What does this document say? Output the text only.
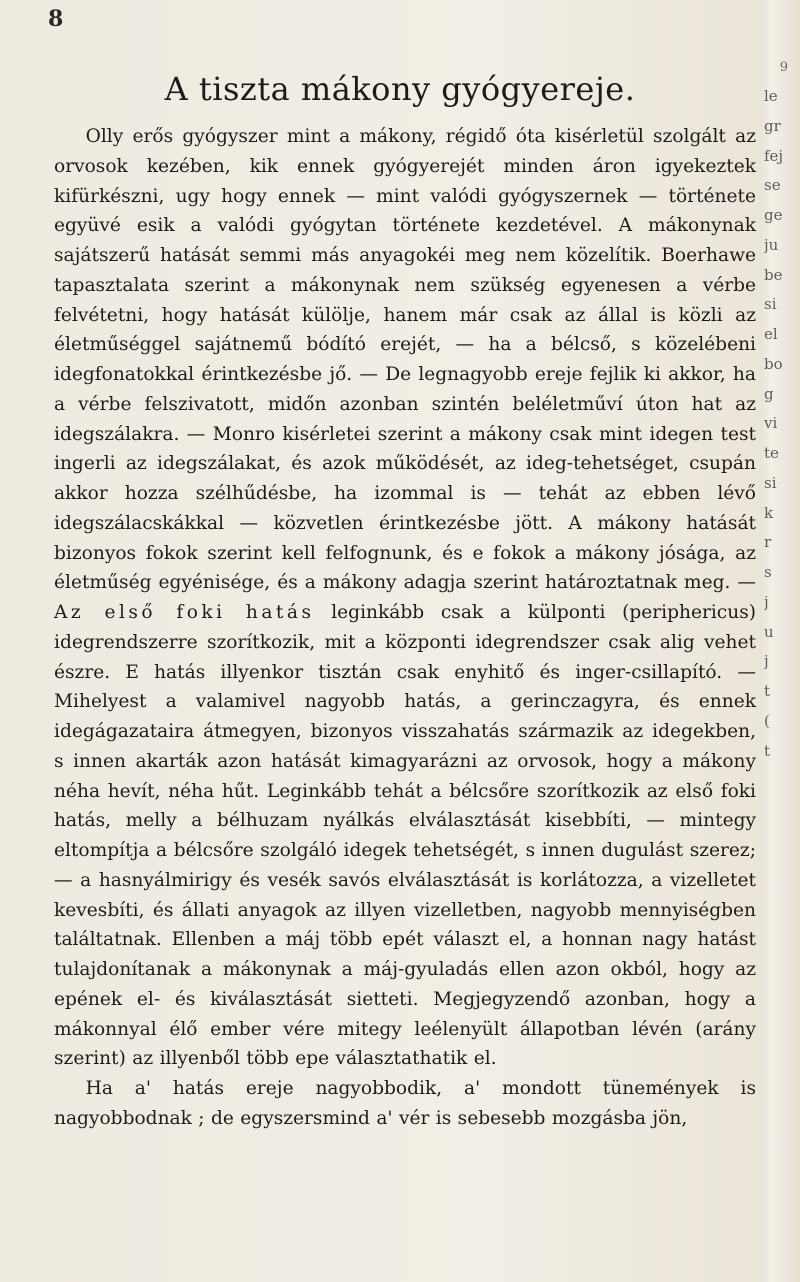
8
A tiszta mákony gyógyereje.

Olly erős gyógyszer mint a mákony, régidő óta kisérletül szolgált az orvosok kezében, kik ennek gyógyerejét minden áron igyekeztek kifürkészni, ugy hogy ennek — mint valódi gyógyszernek — története együvé esik a valódi gyógytan története kezdetével. A mákonynak sajátszerű hatását semmi más anyagokéi meg nem közelítik. Boerhawe tapasztalata szerint a mákonynak nem szükség egyenesen a vérbe felvétetni, hogy hatását külölje, hanem már csak az állal is közli az életműséggel sajátnemű bódító erejét, — ha a bélcső, s közelébeni idegfonatokkal érintkezésbe jő. — De legnagyobb ereje fejlik ki akkor, ha a vérbe felszivatott, midőn azonban szintén beléletműví úton hat az idegszálakra. — Monro kisérletei szerint a mákony csak mint idegen test ingerli az idegszálakat, és azok működését, az ideg-tehetséget, csupán akkor hozza szélhűdésbe, ha izommal is — tehát az ebben lévő idegszálacskákkal — közvetlen érintkezésbe jött. A mákony hatását bizonyos fokok szerint kell felfognunk, és e fokok a mákony jósága, az életműség egyénisége, és a mákony adagja szerint határoztatnak meg. — Az első foki hatás leginkább csak a külponti (periphericus) idegrendszerre szorítkozik, mit a központi idegrendszer csak alig vehet észre. E hatás illyenkor tisztán csak enyhitő és inger-csillapító. — Mihelyest a valamivel nagyobb hatás, a gerinczagyra, és ennek idegágazataira átmegyen, bizonyos visszahatás származik az idegekben, s innen akarták azon hatását kimagyarázni az orvosok, hogy a mákony néha hevít, néha hűt. Leginkább tehát a bélcsőre szorítkozik az első foki hatás, melly a bélhuzam nyálkás elválasztását kisebbíti, — mintegy eltompítja a bélcsőre szolgáló idegek tehetségét, s innen dugulást szerez; — a hasnyálmirigy és vesék savós elválasztását is korlátozza, a vizelletet kevesbíti, és állati anyagok az illyen vizelletben, nagyobb mennyiségben találtatnak. Ellenben a máj több epét választ el, a honnan nagy hatást tulajdonítanak a mákonynak a máj-gyuladás ellen azon okból, hogy az epének el- és kiválasztását sietteti. Megjegyzendő azonban, hogy a mákonnyal élő ember vére mitegy leélenyült állapotban lévén (arány szerint) az illyenből több epe választathatik el.

Ha a' hatás ereje nagyobbodik, a' mondott tünemények is nagyobbodnak ; de egyszersmind a' vér is sebesebb mozgásba jön,

9
le
gr
fej
se
ge
ju
be
si
el
bo
g
vi
te
si
k
r
s
j
u
j
t
(
t
